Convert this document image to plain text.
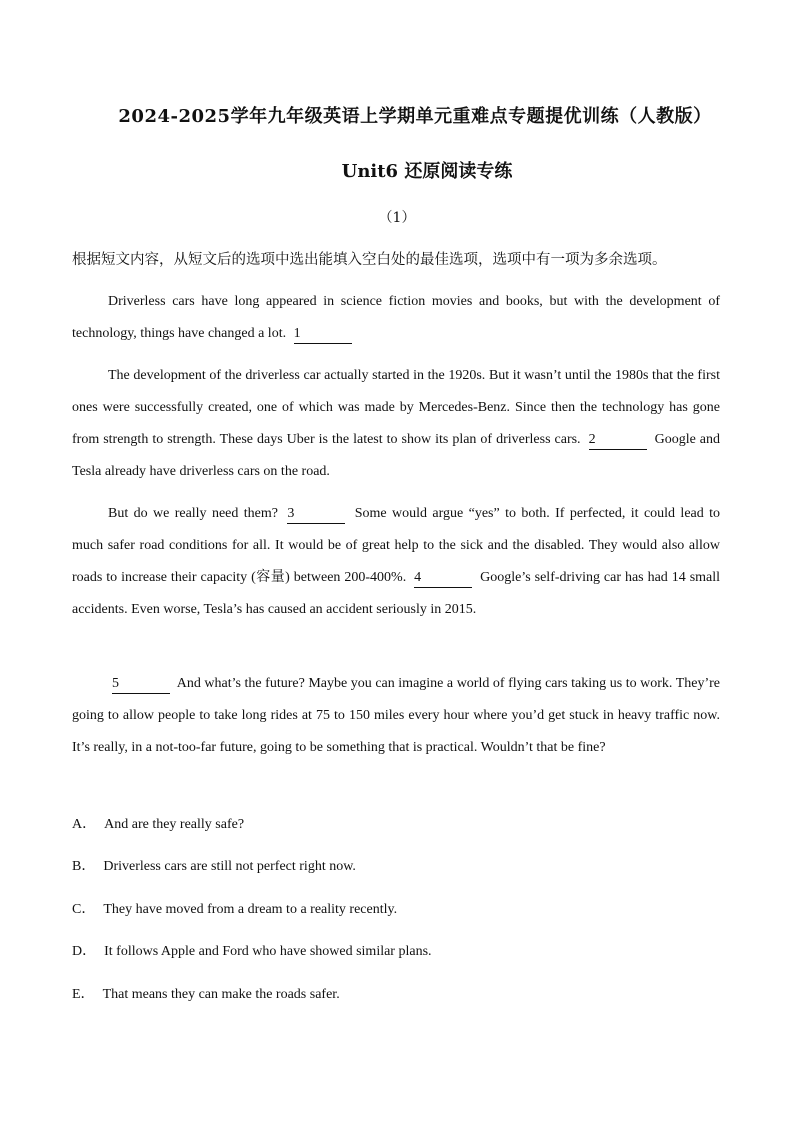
2024-2025学年九年级英语上学期单元重难点专题提优训练（人教版）
Unit6 还原阅读专练
（1）
根据短文内容，从短文后的选项中选出能填入空白处的最佳选项，选项中有一项为多余选项。
Driverless cars have long appeared in science fiction movies and books, but with the development of technology, things have changed a lot. 1
The development of the driverless car actually started in the 1920s. But it wasn’t until the 1980s that the first ones were successfully created, one of which was made by Mercedes-Benz. Since then the technology has gone from strength to strength. These days Uber is the latest to show its plan of driverless cars. 2	Google and Tesla already have driverless cars on the road.
But do we really need them? 3	Some would argue “yes” to both. If perfected, it could lead to much safer road conditions for all. It would be of great help to the sick and the disabled. They would also allow roads to increase their capacity (容量) between 200-400%. 4	Google’s self-driving car has had 14 small accidents. Even worse, Tesla’s has caused an accident seriously in 2015.
5	And what’s the future? Maybe you can imagine a world of flying cars taking us to work. They’re going to allow people to take long rides at 75 to 150 miles every hour where you’d get stuck in heavy traffic now. It’s really, in a not-too-far future, going to be something that is practical. Wouldn’t that be fine?
A． And are they really safe?
B． Driverless cars are still not perfect right now.
C． They have moved from a dream to a reality recently.
D． It follows Apple and Ford who have showed similar plans.
E． That means they can make the roads safer.
